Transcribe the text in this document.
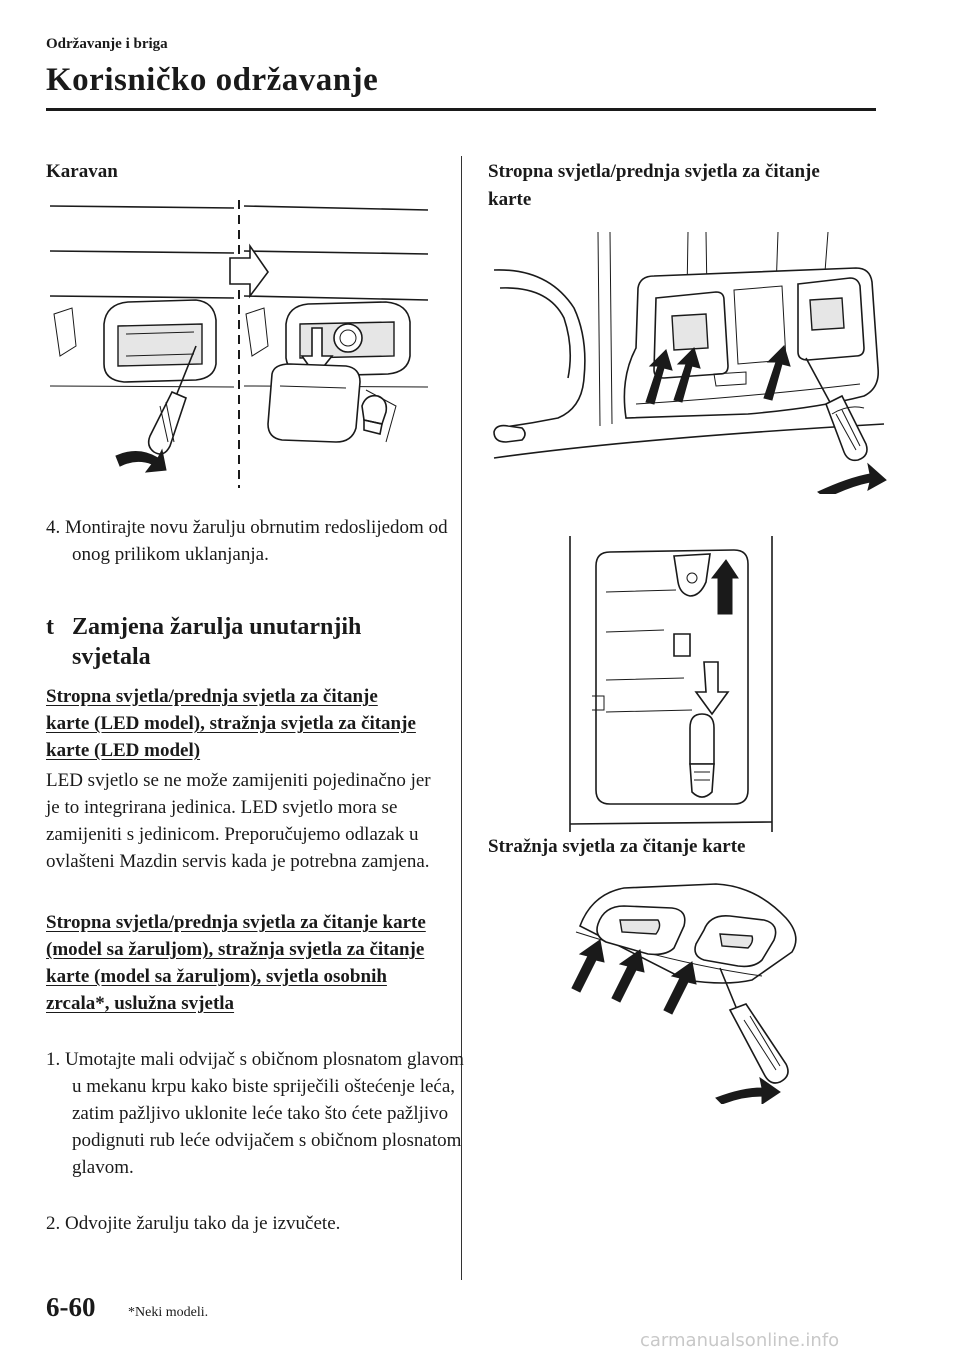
Održavanje i briga
Korisničko održavanje
Karavan
4. Montirajte novu žarulju obrnutim redoslijedom od onog prilikom uklanjanja.
t Zamjena žarulja unutarnjih svjetala
Stropna svjetla/prednja svjetla za čitanje karte (LED model), stražnja svjetla za čitanje karte (LED model)
LED svjetlo se ne može zamijeniti pojedinačno jer je to integrirana jedinica. LED svjetlo mora se zamijeniti s jedinicom. Preporučujemo odlazak u ovlašteni Mazdin servis kada je potrebna zamjena.
Stropna svjetla/prednja svjetla za čitanje karte (model sa žaruljom), stražnja svjetla za čitanje karte (model sa žaruljom), svjetla osobnih zrcala*, uslužna svjetla
1. Umotajte mali odvijač s običnom plosnatom glavom u mekanu krpu kako biste spriječili oštećenje leća, zatim pažljivo uklonite leće tako što ćete pažljivo podignuti rub leće odvijačem s običnom plosnatom glavom.
2. Odvojite žarulju tako da je izvučete.
Stropna svjetla/prednja svjetla za čitanje karte
Stražnja svjetla za čitanje karte
6-60 *Neki modeli.
carmanualsonline.info
